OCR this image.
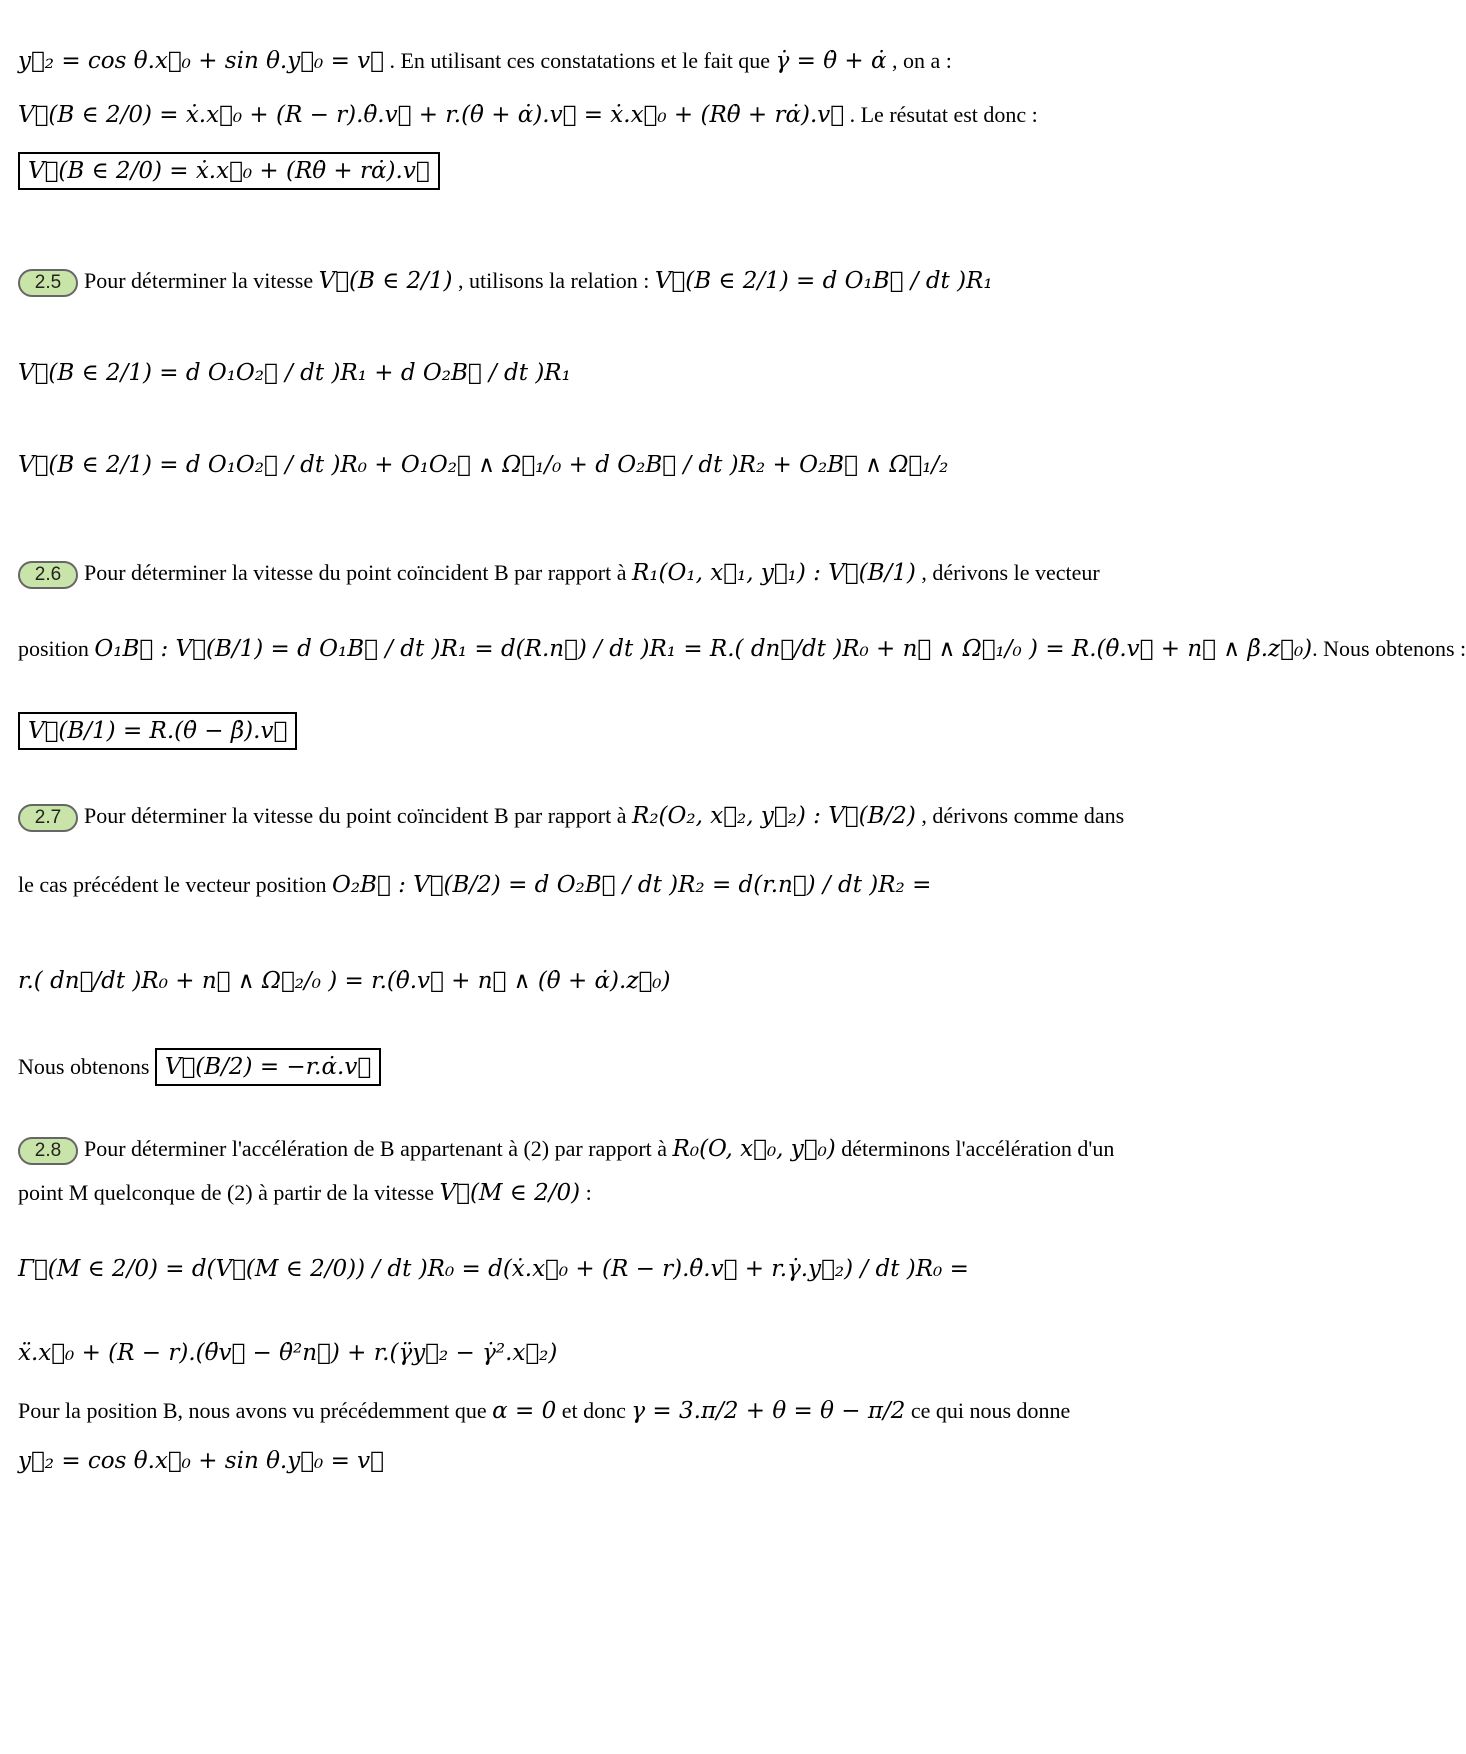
y⃗₂ = cos θ.x⃗₀ + sin θ.y⃗₀ = v⃗ . En utilisant ces constatations et le fait que γ̇ = θ̇ + α̇ , on a :
V⃗(B ∈ 2/0) = ẋ.x⃗₀ + (R − r).θ̇.v⃗ + r.(θ̇ + α̇).v⃗ = ẋ.x⃗₀ + (Rθ̇ + rα̇).v⃗ . Le résutat est donc :
V⃗(B ∈ 2/0) = ẋ.x⃗₀ + (Rθ̇ + rα̇).v⃗
2.5 Pour déterminer la vitesse V⃗(B ∈ 2/1) , utilisons la relation : V⃗(B ∈ 2/1) = d O₁B⃗ / dt )R₁
V⃗(B ∈ 2/1) = d O₁O₂⃗ / dt )R₁ + d O₂B⃗ / dt )R₁
V⃗(B ∈ 2/1) = d O₁O₂⃗ / dt )R₀ + O₁O₂⃗ ∧ Ω⃗₁/₀ + d O₂B⃗ / dt )R₂ + O₂B⃗ ∧ Ω⃗₁/₂
2.6 Pour déterminer la vitesse du point coïncident B par rapport à R₁(O₁, x⃗₁, y⃗₁) : V⃗(B/1) , dérivons le vecteur
position O₁B⃗ : V⃗(B/1) = d O₁B⃗ / dt )R₁ = d(R.n⃗) / dt )R₁ = R.( dn⃗/dt )R₀ + n⃗ ∧ Ω⃗₁/₀ ) = R.(θ̇.v⃗ + n⃗ ∧ β̇.z⃗₀). Nous obtenons :
V⃗(B/1) = R.(θ̇ − β̇).v⃗
2.7 Pour déterminer la vitesse du point coïncident B par rapport à R₂(O₂, x⃗₂, y⃗₂) : V⃗(B/2) , dérivons comme dans
le cas précédent le vecteur position O₂B⃗ : V⃗(B/2) = d O₂B⃗ / dt )R₂ = d(r.n⃗) / dt )R₂ =
r.( dn⃗/dt )R₀ + n⃗ ∧ Ω⃗₂/₀ ) = r.(θ̇.v⃗ + n⃗ ∧ (θ̇ + α̇).z⃗₀)
Nous obtenons V⃗(B/2) = −r.α̇.v⃗
2.8 Pour déterminer l'accélération de B appartenant à (2) par rapport à R₀(O, x⃗₀, y⃗₀) déterminons l'accélération d'un
point M quelconque de (2) à partir de la vitesse V⃗(M ∈ 2/0) :
Γ⃗(M ∈ 2/0) = d(V⃗(M ∈ 2/0)) / dt )R₀ = d(ẋ.x⃗₀ + (R − r).θ̇.v⃗ + r.γ̇.y⃗₂) / dt )R₀ =
ẍ.x⃗₀ + (R − r).(θ̈v⃗ − θ̇²n⃗) + r.(γ̈y⃗₂ − γ̇².x⃗₂)
Pour la position B, nous avons vu précédemment que α = 0 et donc γ = 3.π/2 + θ = θ − π/2 ce qui nous donne
y⃗₂ = cos θ.x⃗₀ + sin θ.y⃗₀ = v⃗
